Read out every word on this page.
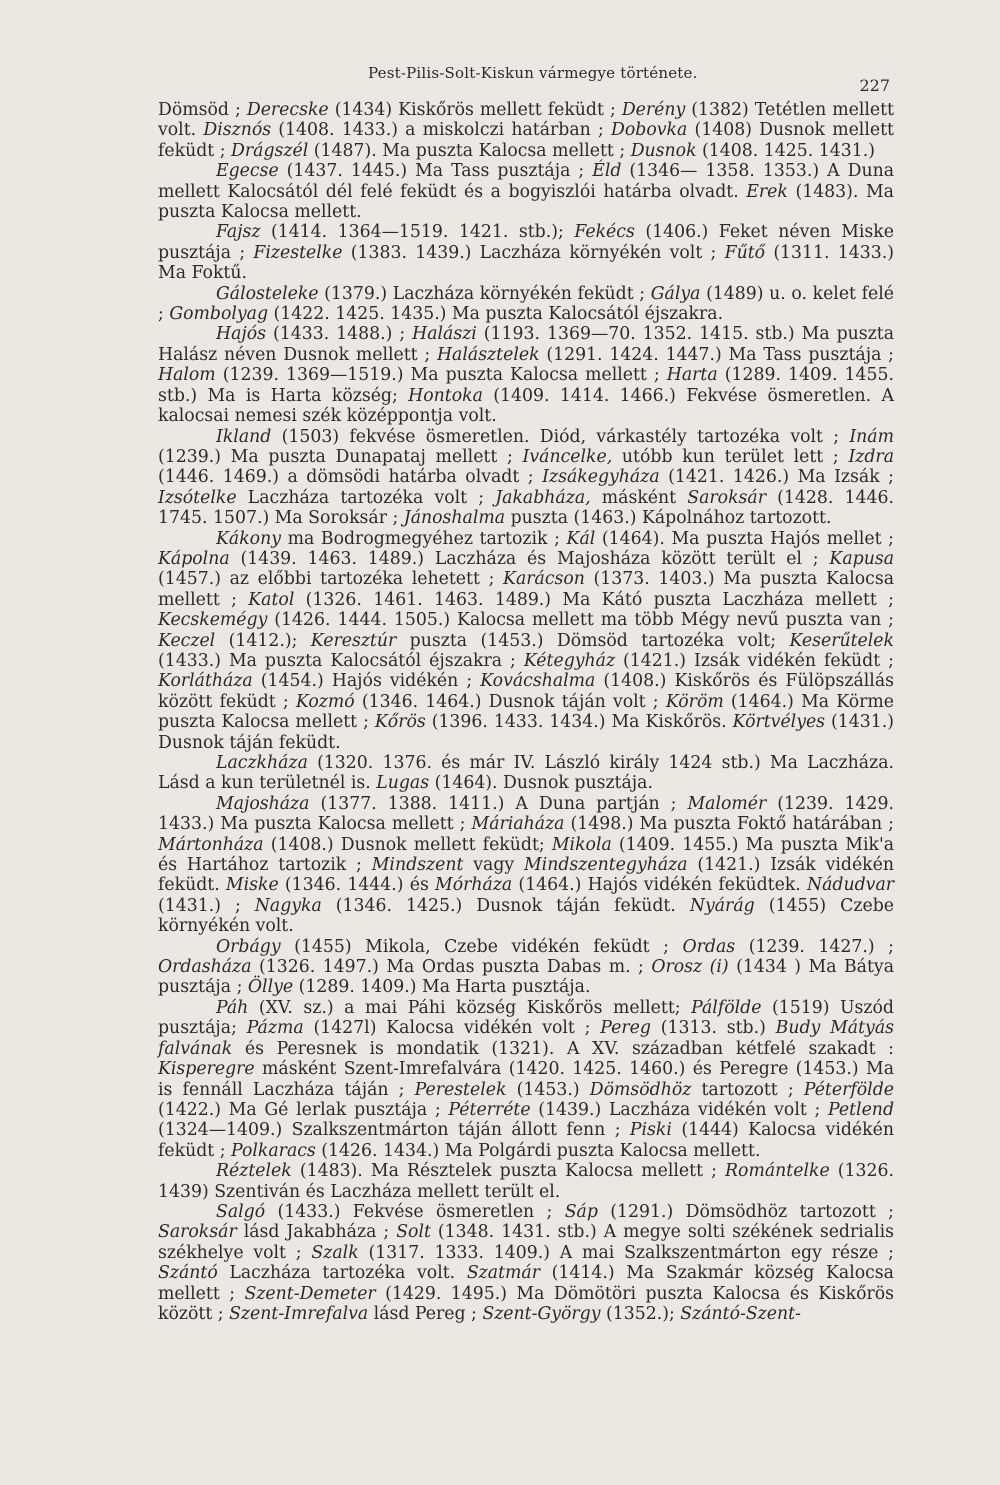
Pest-Pilis-Solt-Kiskun vármegye története.
227

Dömsöd ; Derecske (1434) Kiskőrös mellett feküdt ; Derény (1382) Tetétlen mellett volt. Disznós (1408. 1433.) a miskolczi határban ; Dobovka (1408) Dusnok mellett feküdt ; Drágszél (1487). Ma puszta Kalocsa mellett ; Dusnok (1408. 1425. 1431.)

Egecse (1437. 1445.) Ma Tass pusztája ; Éld (1346— 1358. 1353.) A Duna mellett Kalocsától dél felé feküdt és a bogyiszlói határba olvadt. Erek (1483). Ma puszta Kalocsa mellett.

Fajsz (1414. 1364—1519. 1421. stb.); Fekécs (1406.) Feket néven Miske pusztája ; Fizestelke (1383. 1439.) Laczháza környékén volt ; Fűtő (1311. 1433.) Ma Foktű.

Gálosteleke (1379.) Laczháza környékén feküdt ; Gálya (1489) u. o. kelet felé ; Gombolyag (1422. 1425. 1435.) Ma puszta Kalocsától éjszakra.

Hajós (1433. 1488.) ; Halászi (1193. 1369—70. 1352. 1415. stb.) Ma puszta Halász néven Dusnok mellett ; Halásztelek (1291. 1424. 1447.) Ma Tass pusztája ; Halom (1239. 1369—1519.) Ma puszta Kalocsa mellett ; Harta (1289. 1409. 1455. stb.) Ma is Harta község; Hontoka (1409. 1414. 1466.) Fekvése ösmeretlen. A kalocsai nemesi szék középpontja volt.

Ikland (1503) fekvése ösmeretlen. Diód, várkastély tartozéka volt ; Inám (1239.) Ma puszta Dunapataj mellett ; Iváncelke, utóbb kun terület lett ; Izdra (1446. 1469.) a dömsödi határba olvadt ; Izsákegyháza (1421. 1426.) Ma Izsák ; Izsótelke Laczháza tartozéka volt ; Jakabháza, másként Saroksár (1428. 1446. 1745. 1507.) Ma Soroksár ; Jánoshalma puszta (1463.) Kápolnához tartozott.

Kákony ma Bodrogmegyéhez tartozik ; Kál (1464). Ma puszta Hajós mellet ; Kápolna (1439. 1463. 1489.) Laczháza és Majosháza között terült el ; Kapusa (1457.) az előbbi tartozéka lehetett ; Karácson (1373. 1403.) Ma puszta Kalocsa mellett ; Katol (1326. 1461. 1463. 1489.) Ma Kátó puszta Laczháza mellett ; Kecskemégy (1426. 1444. 1505.) Kalocsa mellett ma több Mégy nevű puszta van ; Keczel (1412.); Keresztúr puszta (1453.) Dömsöd tartozéka volt; Keserűtelek (1433.) Ma puszta Kalocsától éjszakra ; Kétegyház (1421.) Izsák vidékén feküdt ; Korlátháza (1454.) Hajós vidékén ; Kovácshalma (1408.) Kiskőrös és Fülöpszállás között feküdt ; Kozmó (1346. 1464.) Dusnok táján volt ; Köröm (1464.) Ma Körme puszta Kalocsa mellett ; Kőrös (1396. 1433. 1434.) Ma Kiskőrös. Körtvélyes (1431.) Dusnok táján feküdt.

Laczkháza (1320. 1376. és már IV. László király 1424 stb.) Ma Laczháza. Lásd a kun területnél is. Lugas (1464). Dusnok pusztája.

Majosháza (1377. 1388. 1411.) A Duna partján ; Malomér (1239. 1429. 1433.) Ma puszta Kalocsa mellett ; Máriaháza (1498.) Ma puszta Foktő határában ; Mártonháza (1408.) Dusnok mellett feküdt; Mikola (1409. 1455.) Ma puszta Mik'a és Hartához tartozik ; Mindszent vagy Mindszentegyháza (1421.) Izsák vidékén feküdt. Miske (1346. 1444.) és Mórháza (1464.) Hajós vidékén feküdtek. Nádudvar (1431.) ; Nagyka (1346. 1425.) Dusnok táján feküdt. Nyárág (1455) Czebe környékén volt.

Orbágy (1455) Mikola, Czebe vidékén feküdt ; Ordas (1239. 1427.) ; Ordasháza (1326. 1497.) Ma Ordas puszta Dabas m. ; Orosz (i) (1434 ) Ma Bátya pusztája ; Öllye (1289. 1409.) Ma Harta pusztája.

Páh (XV. sz.) a mai Páhi község Kiskőrös mellett; Pálfölde (1519) Uszód pusztája; Pázma (1427l) Kalocsa vidékén volt ; Pereg (1313. stb.) Budy Mátyás falvának és Peresnek is mondatik (1321). A XV. században kétfelé szakadt : Kisperegre másként Szent-Imrefalvára (1420. 1425. 1460.) és Peregre (1453.) Ma is fennáll Laczháza táján ; Perestelek (1453.) Dömsödhöz tartozott ; Péterfölde (1422.) Ma Gé lerlak pusztája ; Péterréte (1439.) Laczháza vidékén volt ; Petlend (1324—1409.) Szalkszentmárton táján állott fenn ; Piski (1444) Kalocsa vidékén feküdt ; Polkaracs (1426. 1434.) Ma Polgárdi puszta Kalocsa mellett.

Réztelek (1483). Ma Résztelek puszta Kalocsa mellett ; Romántelke (1326. 1439) Szentiván és Laczháza mellett terült el.

Salgó (1433.) Fekvése ösmeretlen ; Sáp (1291.) Dömsödhöz tartozott ; Saroksár lásd Jakabháza ; Solt (1348. 1431. stb.) A megye solti székének sedrialis székhelye volt ; Szalk (1317. 1333. 1409.) A mai Szalkszentmárton egy része ; Szántó Laczháza tartozéka volt. Szatmár (1414.) Ma Szakmár község Kalocsa mellett ; Szent-Demeter (1429. 1495.) Ma Dömötöri puszta Kalocsa és Kiskőrös között ; Szent-Imrefalva lásd Pereg ; Szent-György (1352.); Szántó-Szent-
